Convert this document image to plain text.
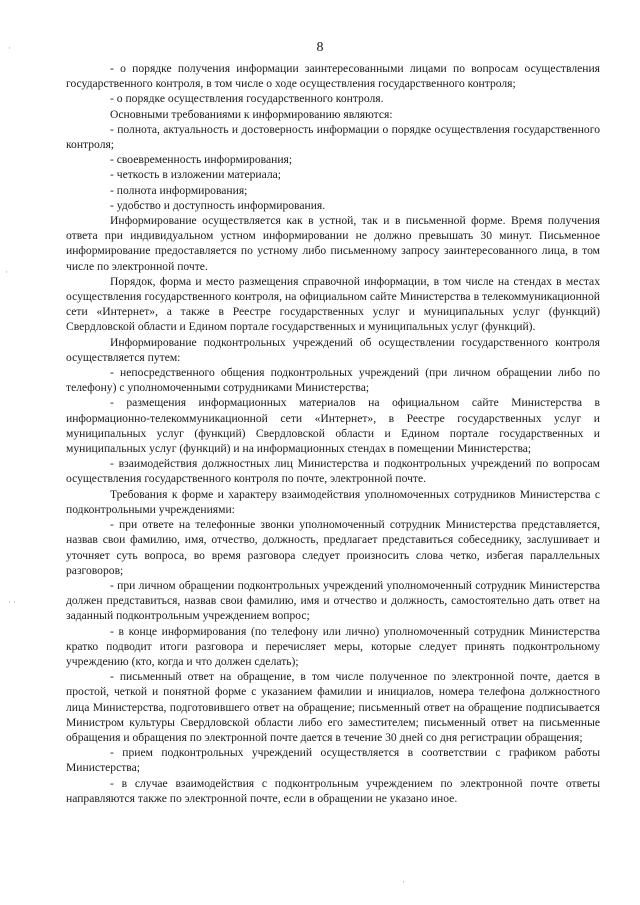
8

- о порядке получения информации заинтересованными лицами по вопросам осуществления государственного контроля, в том числе о ходе осуществления государственного контроля;

- о порядке осуществления государственного контроля.

Основными требованиями к информированию являются:

- полнота, актуальность и достоверность информации о порядке осуществления государственного контроля;

- своевременность информирования;

- четкость в изложении материала;

- полнота информирования;

- удобство и доступность информирования.

Информирование осуществляется как в устной, так и в письменной форме. Время получения ответа при индивидуальном устном информировании не должно превышать 30 минут. Письменное информирование предоставляется по устному либо письменному запросу заинтересованного лица, в том числе по электронной почте.

Порядок, форма и место размещения справочной информации, в том числе на стендах в местах осуществления государственного контроля, на официальном сайте Министерства в телекоммуникационной сети «Интернет», а также в Реестре государственных услуг и муниципальных услуг (функций) Свердловской области и Едином портале государственных и муниципальных услуг (функций).

Информирование подконтрольных учреждений об осуществлении государственного контроля осуществляется путем:

- непосредственного общения подконтрольных учреждений (при личном обращении либо по телефону) с уполномоченными сотрудниками Министерства;

- размещения информационных материалов на официальном сайте Министерства в информационно-телекоммуникационной сети «Интернет», в Реестре государственных услуг и муниципальных услуг (функций) Свердловской области и Едином портале государственных и муниципальных услуг (функций) и на информационных стендах в помещении Министерства;

- взаимодействия должностных лиц Министерства и подконтрольных учреждений по вопросам осуществления государственного контроля по почте, электронной почте.

Требования к форме и характеру взаимодействия уполномоченных сотрудников Министерства с подконтрольными учреждениями:

- при ответе на телефонные звонки уполномоченный сотрудник Министерства представляется, назвав свои фамилию, имя, отчество, должность, предлагает представиться собеседнику, заслушивает и уточняет суть вопроса, во время разговора следует произносить слова четко, избегая параллельных разговоров;

- при личном обращении подконтрольных учреждений уполномоченный сотрудник Министерства должен представиться, назвав свои фамилию, имя и отчество и должность, самостоятельно дать ответ на заданный подконтрольным учреждением вопрос;

- в конце информирования (по телефону или лично) уполномоченный сотрудник Министерства кратко подводит итоги разговора и перечисляет меры, которые следует принять подконтрольному учреждению (кто, когда и что должен сделать);

- письменный ответ на обращение, в том числе полученное по электронной почте, дается в простой, четкой и понятной форме с указанием фамилии и инициалов, номера телефона должностного лица Министерства, подготовившего ответ на обращение; письменный ответ на обращение подписывается Министром культуры Свердловской области либо его заместителем; письменный ответ на письменные обращения и обращения по электронной почте дается в течение 30 дней со дня регистрации обращения;

- прием подконтрольных учреждений осуществляется в соответствии с графиком работы Министерства;

- в случае взаимодействия с подконтрольным учреждением по электронной почте ответы направляются также по электронной почте, если в обращении не указано иное.

·
·
· ·
·
